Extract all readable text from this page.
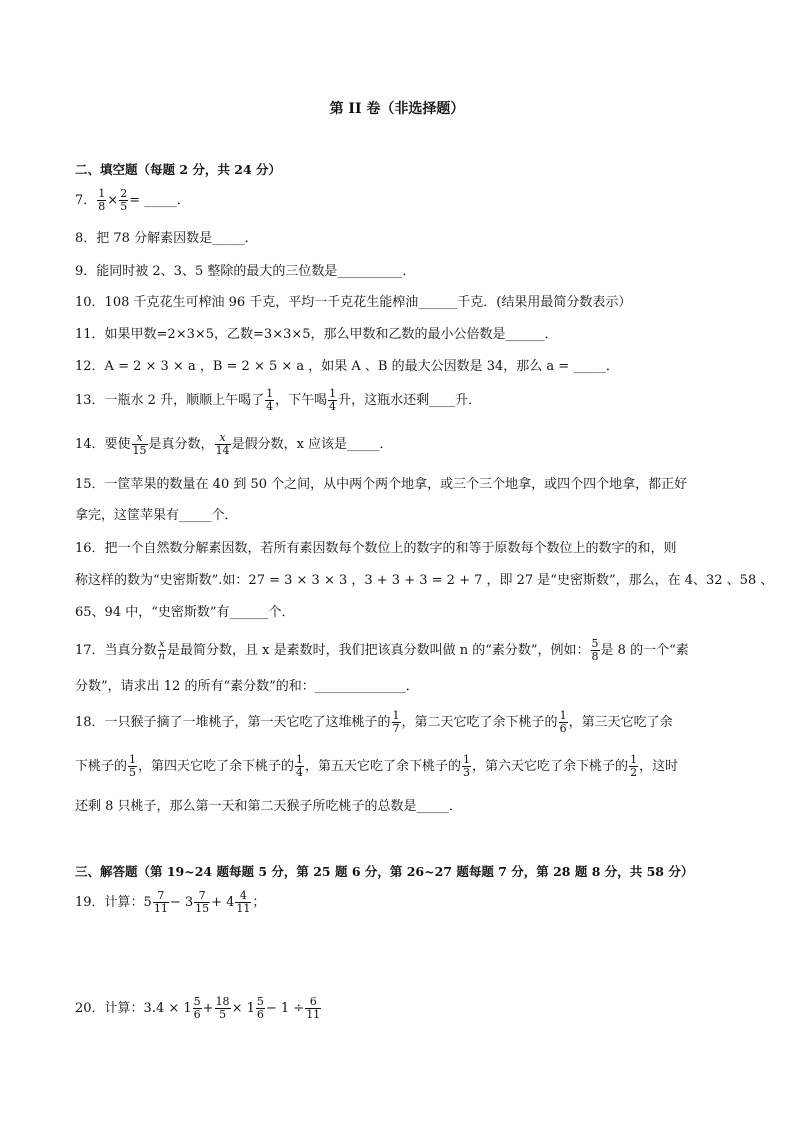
第 II 卷（非选择题）
二、填空题（每题 2 分，共 24 分）
7． $\frac{1}{8} \times \frac{2}{5}$ = _____．
8．把 78 分解素因数是_____．
9．能同时被 2、3、5 整除的最大的三位数是__________．
10．108 千克花生可榨油 96 千克，平均一千克花生能榨油______千克．(结果用最简分数表示）
11．如果甲数=2×3×5，乙数=3×3×5，那么甲数和乙数的最小公倍数是______．
12．A = 2 × 3 × a ，B = 2 × 5 × a ，如果 A 、B 的最大公因数是 34，那么 a = _____．
13．一瓶水 2 升，顺顺上午喝了 $\frac{1}{4}$ ，下午喝 $\frac{1}{4}$ 升，这瓶水还剩____升．
14．要使 $\frac{x}{15}$ 是真分数， $\frac{x}{14}$ 是假分数，x 应该是_____．
15．一筐苹果的数量在 40 到 50 个之间，从中两个两个地拿，或三个三个地拿，或四个四个地拿，都正好
拿完，这筐苹果有_____个．
16．把一个自然数分解素因数，若所有素因数每个数位上的数字的和等于原数每个数位上的数字的和，则
称这样的数为“史密斯数”.如：27 = 3 × 3 × 3 ，3 + 3 + 3 = 2 + 7 ，即 27 是“史密斯数”，那么，在 4、32 、58 、
65、94 中，“史密斯数”有______个．
17．当真分数 $\frac{x}{n}$ 是最简分数，且 x 是素数时，我们把该真分数叫做 n 的“素分数”，例如： $\frac{5}{8}$ 是 8 的一个“素
分数”，请求出 12 的所有“素分数”的和：______________．
18．一只猴子摘了一堆桃子，第一天它吃了这堆桃子的 $\frac{1}{7}$ ，第二天它吃了余下桃子的 $\frac{1}{6}$ ，第三天它吃了余
下桃子的 $\frac{1}{5}$ ，第四天它吃了余下桃子的 $\frac{1}{4}$ ，第五天它吃了余下桃子的 $\frac{1}{3}$ ，第六天它吃了余下桃子的 $\frac{1}{2}$ ，这时
还剩 8 只桃子，那么第一天和第二天猴子所吃桃子的总数是_____．
三、解答题（第 19~24 题每题 5 分，第 25 题 6 分，第 26~27 题每题 7 分，第 28 题 8 分，共 58 分）
19．计算：$5 \frac{7}{11} - 3 \frac{7}{15} + 4 \frac{4}{11}$ ；
20．计算：$3.4 \times 1 \frac{5}{6} + \frac{18}{5} \times 1 \frac{5}{6} - 1 \div \frac{6}{11}$
